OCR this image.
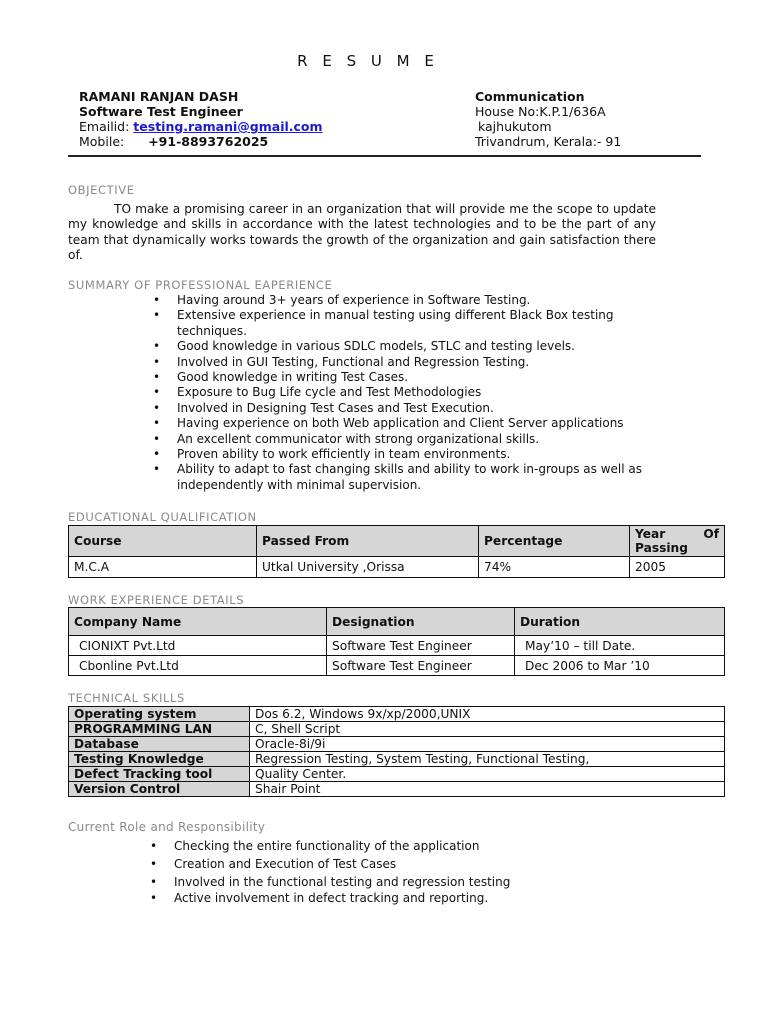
R E S U M E
RAMANI RANJAN DASH
Software Test Engineer
Emailid: testing.ramani@gmail.com
Mobile: +91-8893762025
Communication
House No:K.P.1/636A
kajhukutom
Trivandrum, Kerala:- 91
OBJECTIVE
TO make a promising career in an organization that will provide me the scope to update my knowledge and skills in accordance with the latest technologies and to be the part of any team that dynamically works towards the growth of the organization and gain satisfaction there of.
SUMMARY OF PROFESSIONAL EAPERIENCE
• Having around 3+ years of experience in Software Testing.
• Extensive experience in manual testing using different Black Box testing techniques.
• Good knowledge in various SDLC models, STLC and testing levels.
• Involved in GUI Testing, Functional and Regression Testing.
• Good knowledge in writing Test Cases.
• Exposure to Bug Life cycle and Test Methodologies
• Involved in Designing Test Cases and Test Execution.
• Having experience on both Web application and Client Server applications
• An excellent communicator with strong organizational skills.
• Proven ability to work efficiently in team environments.
• Ability to adapt to fast changing skills and ability to work in-groups as well as independently with minimal supervision.
EDUCATIONAL QUALIFICATION
Course	Passed From	Percentage	Year Of
Passing

M.C.A	Utkal University ,Orissa	74%	2005
WORK EXPERIENCE DETAILS
Company Name	Designation	Duration
CIONIXT Pvt.Ltd	Software Test Engineer	May’10 – till Date.
Cbonline Pvt.Ltd	Software Test Engineer	Dec 2006 to Mar ’10
TECHNICAL SKILLS
Operating system	Dos 6.2, Windows 9x/xp/2000,UNIX
PROGRAMMING LAN	C, Shell Script
Database	Oracle-8i/9i
Testing Knowledge	Regression Testing, System Testing, Functional Testing,
Defect Tracking tool	Quality Center.
Version Control	Shair Point
Current Role and Responsibility
• Checking the entire functionality of the application
• Creation and Execution of Test Cases
• Involved in the functional testing and regression testing
• Active involvement in defect tracking and reporting.
